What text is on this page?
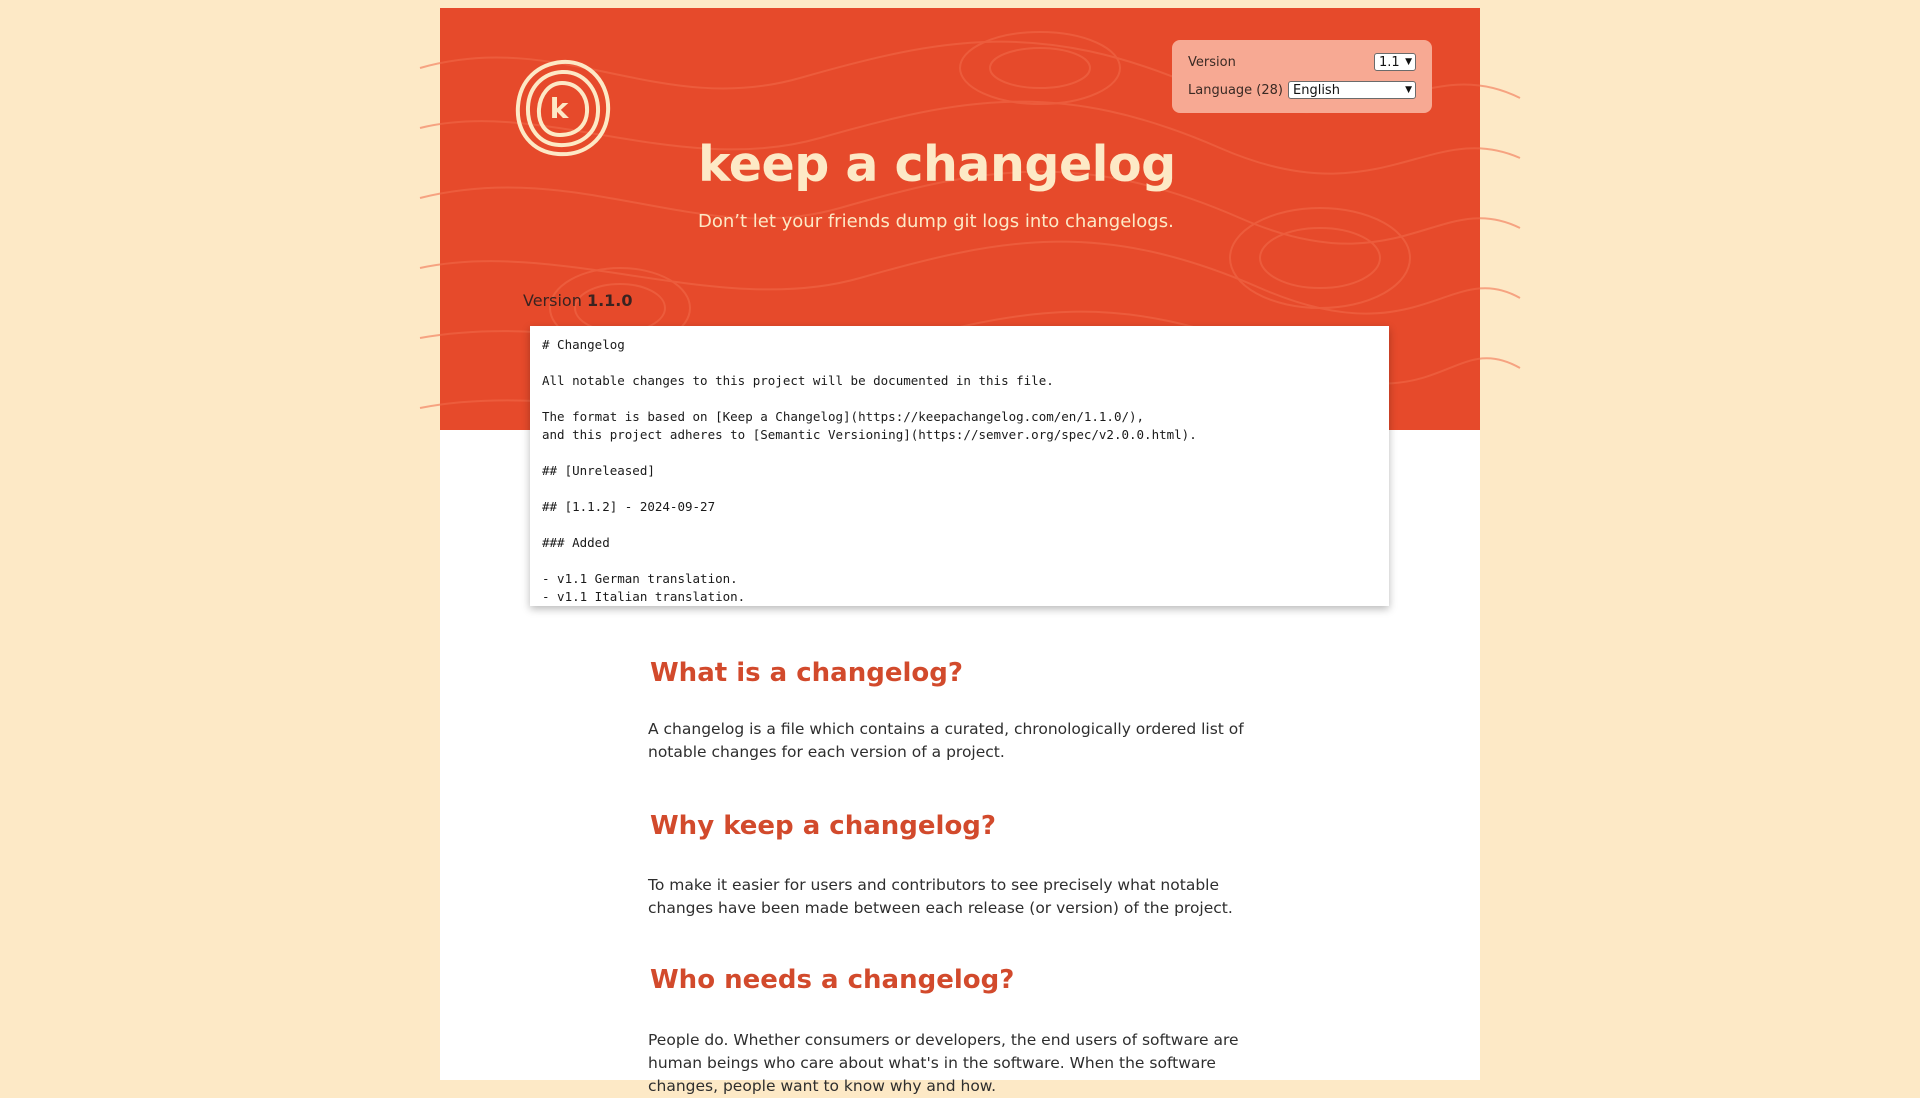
k
Version	1.1 ▼
Language (28) English	▼
keep a changelog

Don’t let your friends dump git logs into changelogs.

Version 1.1.0
# Changelog

All notable changes to this project will be documented in this file.

The format is based on [Keep a Changelog](https://keepachangelog.com/en/1.1.0/),
and this project adheres to [Semantic Versioning](https://semver.org/spec/v2.0.0.html).

## [Unreleased]

## [1.1.2] - 2024-09-27

### Added

- v1.1 German translation.
- v1.1 Italian translation.
What is a changelog?

A changelog is a file which contains a curated, chronologically ordered list of notable changes for each version of a project.

Why keep a changelog?

To make it easier for users and contributors to see precisely what notable changes have been made between each release (or version) of the project.

Who needs a changelog?

People do. Whether consumers or developers, the end users of software are human beings who care about what's in the software. When the software changes, people want to know why and how.
